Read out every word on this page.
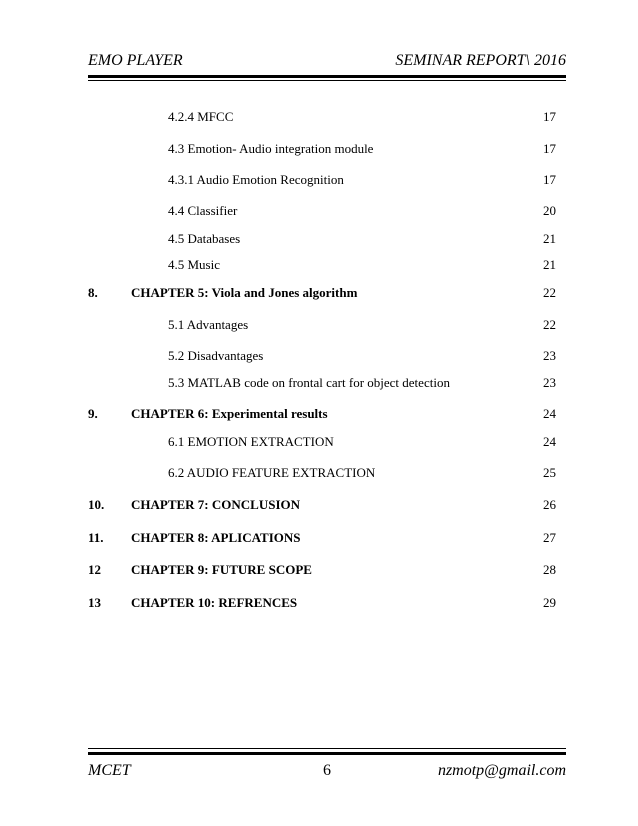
EMO PLAYER	SEMINAR REPORT\ 2016
4.2.4 MFCC	17
4.3 Emotion- Audio integration module	17
4.3.1 Audio Emotion Recognition	17
4.4 Classifier	20
4.5 Databases	21
4.5 Music	21
8.	CHAPTER 5: Viola and Jones algorithm	22
5.1 Advantages	22
5.2 Disadvantages	23
5.3 MATLAB code on frontal cart for object detection	23
9.	CHAPTER 6: Experimental results	24
6.1 EMOTION EXTRACTION	24
6.2 AUDIO FEATURE EXTRACTION	25
10. CHAPTER 7: CONCLUSION	26
11. CHAPTER 8: APLICATIONS	27
12 CHAPTER 9: FUTURE SCOPE	28
13 CHAPTER 10: REFRENCES	29
MCET	6	nzmotp@gmail.com
